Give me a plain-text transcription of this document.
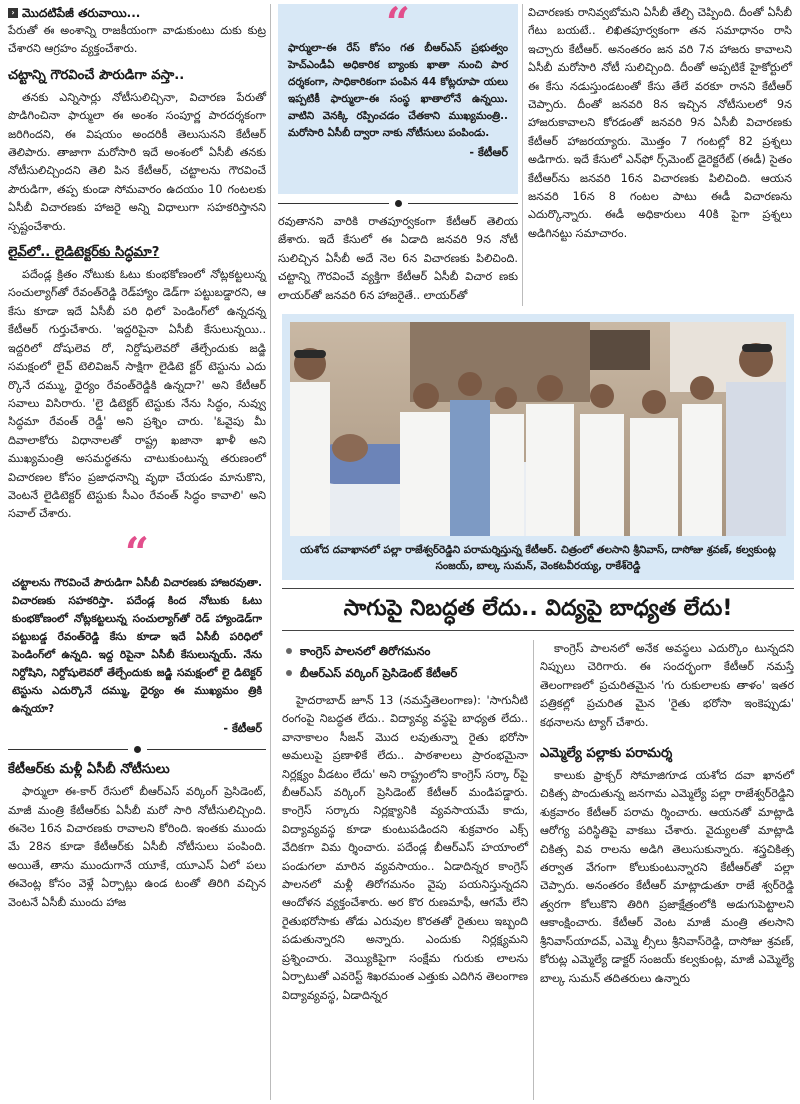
› మొదటిపేజీ తరువాయి...
పేరుతో ఈ అంశాన్ని రాజకీయంగా వాడుకుంటు దుకు కుట్ర చేశారని ఆగ్రహం వ్యక్తంచేశారు.
చట్టాన్ని గౌరవించే పౌరుడిగా వస్తా..
తనకు ఎన్నిసార్లు నోటీసులిచ్చినా, విచారణ పేరుతో పొడిగించినా ఫార్ములా ఈ అంశం సంపూర్ణ పారదర్శకంగా జరిగిందని, ఈ విషయం అందరికీ తెలుసునని కేటీఆర్ తెలిపారు. తాజాగా మరోసారి ఇదే అంశంలో ఏసీబీ తనకు నోటీసులిచ్చిందని తెలి పిన కేటీఆర్, చట్టాలను గౌరవించే పౌరుడిగా, తప్ప కుండా సోమవారం ఉదయం 10 గంటలకు ఏసీబీ విచారణకు హాజరై అన్ని విధాలుగా సహకరిస్తానని స్పష్టంచేశారు.
లైవ్‌లో.. లైడిటెక్టర్‌కు సిద్ధమా?
పదేండ్ల క్రితం నోటుకు ఓటు కుంభకోణంలో నోట్లకట్టలున్న సంచుల్యాగ్‌తో రేవంత్‌రెడ్డి రెడ్‌హ్యాం డెడ్‌గా పట్టుబడ్డారని, ఆ కేసు కూడా ఇదే ఏసీబీ పరి ధిలో పెండింగ్‌లో ఉన్నదన్న కేటీఆర్ గుర్తుచేశారు. 'ఇద్దరిపైనా ఏసీబీ కేసులున్నయి.. ఇద్దరిలో దోషులెవ రో, నిర్దోషులెవరో తేల్చేందుకు జడ్జి సమక్షంలో లైవ్ టెలివిజన్ సాక్షిగా లైడిటె క్టర్ టెస్టును ఎదు ర్కొనే దమ్ము, ధైర్యం రేవంత్‌రెడ్డికి ఉన్నదా?' అని కేటీఆర్ సవాలు విసిరారు. 'లై డిటెక్టర్ టెస్టుకు నేను సిద్ధం, నువ్వు సిద్ధమా రేవంత్ రెడ్డీ' అని ప్రశ్నిం చారు. 'ఓవైపు మీ దివాలాకోరు విధానాలతో రాష్ట్ర ఖజానా ఖాళీ అని ముఖ్యమంత్రి అసమర్థతను చాటుకుంటున్న తరుణంలో విచారణల కోసం ప్రజాధనాన్ని వృథా చేయడం మానుకొని, వెంటనే లైడిటెక్టర్ టెస్టుకు సీఎం రేవంత్ సిద్ధం కావాలి' అని సవాల్ చేశారు.
“
చట్టాలను గౌరవించే పౌరుడిగా ఏసీబీ విచారణకు హాజరవుతా. విచారణకు సహకరిస్తా. పదేండ్ల కింద నోటుకు ఓటు కుంభకోణంలో నోట్లకట్టలున్న సంచుల్యాగ్‌తో రెడ్ హ్యాండెడ్‌గా పట్టుబడ్డ రేవంత్‌రెడ్డి కేసు కూడా ఇదే ఏసీబీ పరిధిలో పెండింగ్‌లో ఉన్నది. ఇద్ద రిపైనా ఏసీబీ కేసులున్నయ్. నేను నిర్దోషిని, నిర్దోషులెవరో తేల్చేందుకు జడ్జి సమక్షంలో లై డిటెక్టర్ టెస్టును ఎదుర్కొనే దమ్ము, ధైర్యం ఈ ముఖ్యమం త్రికి ఉన్నయా?
- కేటీఆర్
కేటీఆర్‌కు మళ్లీ ఏసీబీ నోటీసులు
ఫార్ములా ఈ-కార్ రేసులో బీఆర్‌ఎస్ వర్కింగ్ ప్రెసిడెంట్, మాజీ మంత్రి కేటీఆర్‌కు ఏసీబీ మరో సారి నోటీసులిచ్చింది. ఈనెల 16న విచారణకు రావాలని కోరింది. ఇంతకు ముందు మే 28న కూడా కేటీఆర్‌కు ఏసీబీ నోటీసులు పంపింది. అయితే, తాను ముందుగానే యూకే, యూఎస్ ఏలో పలు ఈవెంట్ల కోసం వెళ్లే ఏర్పాట్లు ఉండ టంతో తిరిగి వచ్చిన వెంటనే ఏసీబీ ముందు హాజ
“
ఫార్ములా-ఈ రేస్ కోసం గత బీఆర్‌ఎస్ ప్రభుత్వం హెచ్ఎండీఏ అధికారిక బ్యాంకు ఖాతా నుంచి పార దర్శకంగా, సాధికారికంగా పంపిన 44 కోట్లరూపా యలు ఇప్పటికీ ఫార్ములా-ఈ సంస్థ ఖాతాలోనే ఉన్నయి. వాటిని వెనక్కి రప్పించడం చేతకాని ముఖ్యమంత్రి.. మరోసారి ఏసీబీ ద్వారా నాకు నోటీసులు పంపిండు.
- కేటీఆర్
రవుతానని వారికి రాతపూర్వకంగా కేటీఆర్ తెలియ జేశారు. ఇదే కేసులో ఈ ఏడాది జనవరి 9న నోటీ సులిచ్చిన ఏసీబీ అదే నెల 6న విచారణకు పిలిచింది. చట్టాన్ని గౌరవించే వ్యక్తిగా కేటీఆర్ ఏసీబీ విచార ణకు లాయర్‌తో జనవరి 6న హాజరైతే.. లాయర్‌తో
విచారణకు రానివ్వబోమని ఏసీబీ తేల్చి చెప్పింది. దీంతో ఏసీబీ గేటు బయటే.. లిఖితపూర్వకంగా తన సమాధానం రాసి ఇచ్చారు కేటీఆర్. అనంతరం జన వరి 7న హాజరు కావాలని ఏసీబీ మరోసారి నోటీ సులిచ్చింది. దీంతో అప్పటికే హైకోర్టులో ఈ కేసు నడుస్తుండటంతో కేసు తేలే వరకూ రానని కేటీఆర్ చెప్పారు. దీంతో జనవరి 8న ఇచ్చిన నోటీసులలో 9న హాజరుకావాలని కోరడంతో జనవరి 9న ఏసీబీ విచారణకు కేటీఆర్ హాజరయ్యారు. మొత్తం 7 గంటల్లో 82 ప్రశ్నలు అడిగారు. ఇదే కేసులో ఎన్‌ఫో ర్స్‌మెంట్ డైరెక్టరేట్ (ఈడీ) సైతం కేటీఆర్‌ను జనవరి 16న విచారణకు పిలిచింది. ఆయన జనవరి 16న 8 గంటల పాటు ఈడీ విచారణను ఎదుర్కొన్నారు. ఈడీ అధికారులు 40కి పైగా ప్రశ్నలు అడిగినట్టు సమాచారం.
యశోద దవాఖానలో పల్లా రాజేశ్వర్‌రెడ్డిని పరామర్శిస్తున్న కేటీఆర్. చిత్రంలో తలసాని శ్రీనివాస్, దాసోజు శ్రవణ్, కల్వకుంట్ల సంజయ్, బాల్క సుమన్, వెంకటవీరయ్య, రాకేశ్‌రెడ్డి
సాగుపై నిబద్ధత లేదు.. విద్యపై బాధ్యత లేదు!
కాంగ్రెస్ పాలనలో తిరోగమనం
బీఆర్‌ఎస్ వర్కింగ్ ప్రెసిడెంట్ కేటీఆర్
హైదరాబాద్ జూన్ 13 (నమస్తేతెలంగాణ): 'సాగునీటి రంగంపై నిబద్ధత లేదు.. విద్యావ్య వస్థపై బాధ్యత లేదు.. వానాకాలం సీజన్ మొద లవుతున్నా రైతు భరోసా అమలుపై ప్రణాళికే లేదు.. పాఠశాలలు ప్రారంభమైనా నిర్లక్ష్యం వీడటం లేదు' అని రాష్ట్రంలోని కాంగ్రెస్ సర్కా ర్‌పై బీఆర్‌ఎస్ వర్కింగ్ ప్రెసిడెంట్ కేటీఆర్ మండిపడ్డారు. కాంగ్రెస్ సర్కారు నిర్లక్ష్యానికి వ్యవసాయమే కాదు, విద్యావ్యవస్థ కూడా కుంటుపడిందని శుక్రవారం ఎక్స్ వేదికగా విమ ర్శించారు. పదేండ్ల బీఆర్‌ఎస్ హయాంలో పండుగలా మారిన వ్యవసాయం.. ఏడాదిన్నర కాంగ్రెస్ పాలనలో మళ్లీ తిరోగమనం వైపు పయనిస్తున్నదని ఆందోళన వ్యక్తంచేశారు. అర కొర రుణమాఫీ, ఆగమే లేని రైతుభరోసాకు తోడు ఎరువుల కొరతతో రైతులు ఇబ్బంది పడుతున్నారని అన్నారు. ఎందుకు నిర్లక్ష్యమని ప్రశ్నించారు. వెయ్యికిపైగా సంక్షేమ గురుకు లాలను ఏర్పాటుతో ఎవరెస్ట్ శిఖరమంత ఎత్తుకు ఎదిగిన తెలంగాణ విద్యావ్యవస్థ, ఏడాదిన్నర
కాంగ్రెస్ పాలనలో అనేక అవస్థలు ఎదుర్కొం టున్నదని నిప్పులు చెరిగారు. ఈ సందర్భంగా కేటీఆర్ నమస్తే తెలంగాణలో ప్రచురితమైన 'గు రుకులాలకు తాళం' ఇతర పత్రికల్లో ప్రచురిత మైన 'రైతు భరోసా ఇంకెప్పుడు' కథనాలను ట్యాగ్ చేశారు.
ఎమ్మెల్యే పల్లాకు పరామర్శ
కాలుకు ఫ్రాక్చర్ సోమాజిగూడ యశోద దవా ఖానలో చికిత్స పొందుతున్న జనగామ ఎమ్మెల్యే పల్లా రాజేశ్వర్‌రెడ్డిని శుక్రవారం కేటీఆర్ పరామ ర్శించారు. ఆయనతో మాట్లాడి ఆరోగ్య పరిస్థితిపై వాకబు చేశారు. వైద్యులతో మాట్లాడి చికిత్స వివ రాలను అడిగి తెలుసుకున్నారు. శస్త్రచికిత్స తర్వాత వేగంగా కోలుకుంటున్నారని కేటీఆర్‌తో పల్లా చెప్పారు. అనంతరం కేటీఆర్ మాట్లాడుతూ రాజే శ్వర్‌రెడ్డి త్వరగా కోలుకొని తిరిగి ప్రజాక్షేత్రంలోకి అడుగుపెట్టాలని ఆకాంక్షించారు. కేటీఆర్ వెంట మాజీ మంత్రి తలసాని శ్రీనివాస్‌యాదవ్, ఎమ్మె ల్సీలు శ్రీనివాస్‌రెడ్డి, దాసోజు శ్రవణ్, కోరుట్ల ఎమ్మెల్యే డాక్టర్ సంజయ్ కల్వకుంట్ల, మాజీ ఎమ్మెల్యే బాల్క సుమన్ తదితరులు ఉన్నారు
